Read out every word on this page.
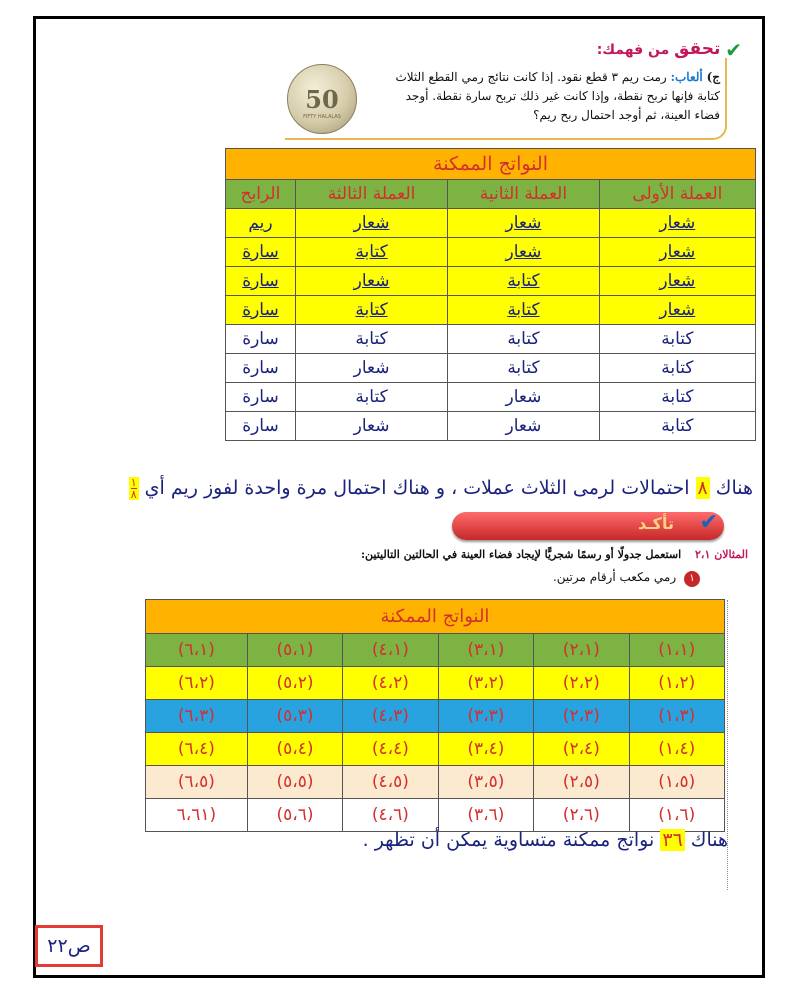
✔ تحقق من فهمك:
ج) ألعاب: رمت ريم ٣ قطع نقود. إذا كانت نتائج رمي القطع الثلاث كتابة فإنها تربح نقطة، وإذا كانت غير ذلك تربح سارة نقطة. أوجد فضاء العينة، ثم أوجد احتمال ربح ريم؟
50
FIFTY HALALAS
النواتج الممكنة			
العملة الأولى	العملة الثانية	العملة الثالثة	الرابح
شعار	شعار	شعار	ريم
شعار	شعار	كتابة	سارة
شعار	كتابة	شعار	سارة
شعار	كتابة	كتابة	سارة
كتابة	كتابة	كتابة	سارة
كتابة	كتابة	شعار	سارة
كتابة	شعار	كتابة	سارة
كتابة	شعار	شعار	سارة
هناك ٨ احتمالات لرمى الثلاث عملات ، و هناك احتمال مرة واحدة لفوز ريم أي
$\frac{١}{٨}$
✔
تأكـد
المثالان ٢،١ استعمل جدولًا أو رسمًا شجريًّا لإيجاد فضاء العينة في الحالتين التاليتين:
١ رمي مكعب أرقام مرتين.
النواتج الممكنة					
(١،١)	(٢،١)	(٣،١)	(٤،١)	(٥،١)	(٦،١)
(١،٢)	(٢،٢)	(٣،٢)	(٤،٢)	(٥،٢)	(٦،٢)
(١،٣)	(٢،٣)	(٣،٣)	(٤،٣)	(٥،٣)	(٦،٣)
(١،٤)	(٢،٤)	(٣،٤)	(٤،٤)	(٥،٤)	(٦،٤)
(١،٥)	(٢،٥)	(٣،٥)	(٤،٥)	(٥،٥)	(٦،٥)
(١،٦)	(٢،٦)	(٣،٦)	(٤،٦)	(٥،٦)	(٦،٦١
هناك ٣٦ نواتج ممكنة متساوية يمكن أن تظهر .
ص٢٢
